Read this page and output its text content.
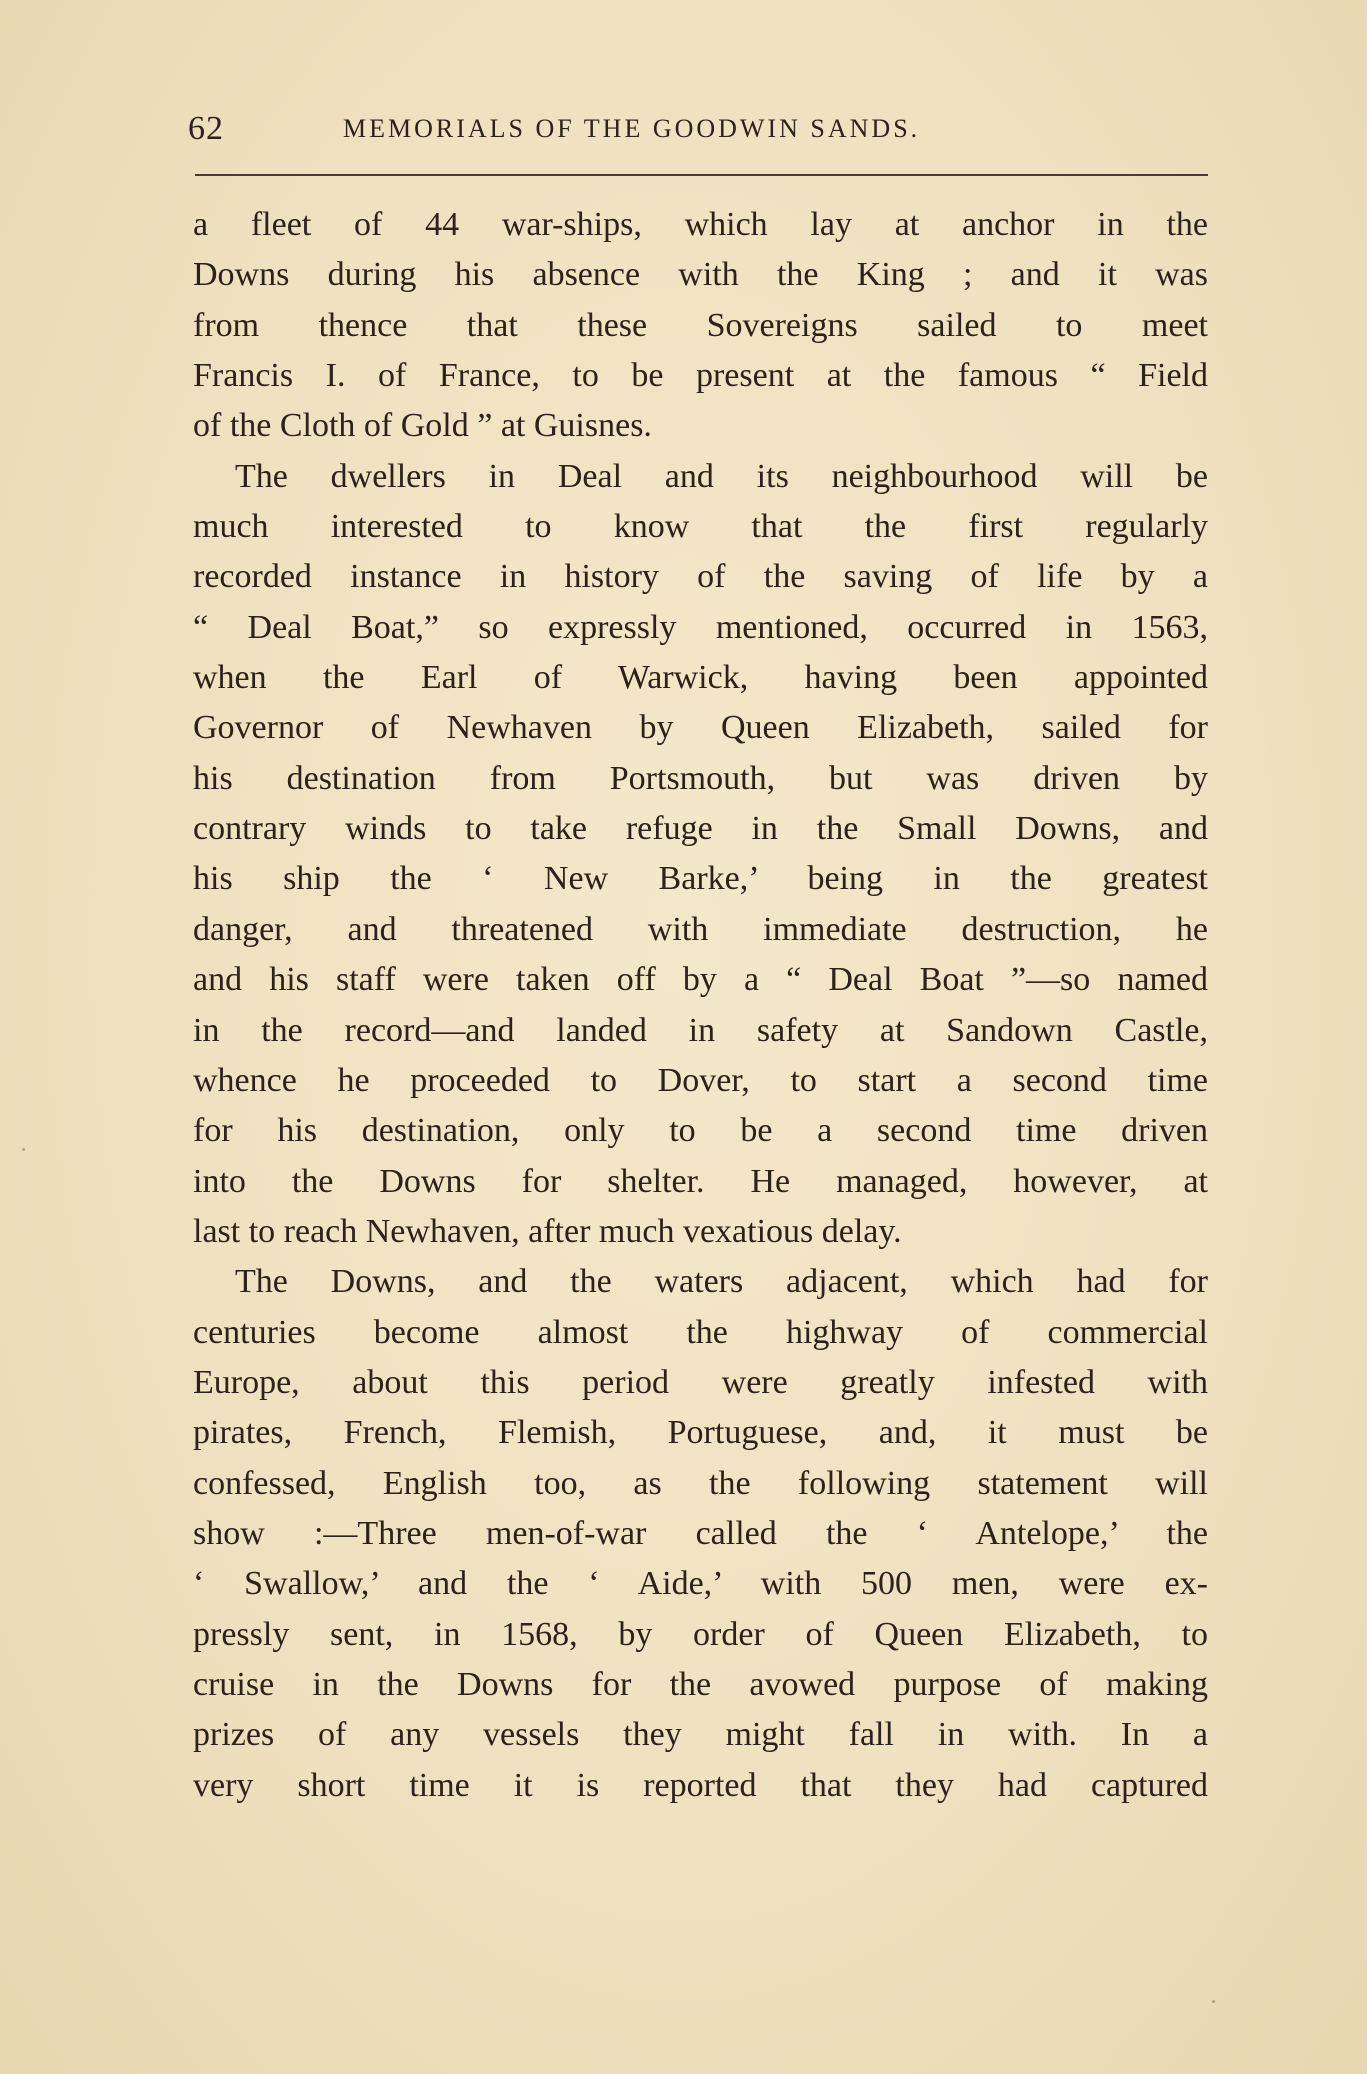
62	MEMORIALS OF THE GOODWIN SANDS.
a fleet of 44 war-ships, which lay at anchor in the
Downs during his absence with the King ; and it was
from thence that these Sovereigns sailed to meet
Francis I. of France, to be present at the famous “ Field
of the Cloth of Gold ” at Guisnes.
The dwellers in Deal and its neighbourhood will be
much interested to know that the first regularly
recorded instance in history of the saving of life by a
“ Deal Boat,” so expressly mentioned, occurred in 1563,
when the Earl of Warwick, having been appointed
Governor of Newhaven by Queen Elizabeth, sailed for
his destination from Portsmouth, but was driven by
contrary winds to take refuge in the Small Downs, and
his ship the ‘ New Barke,’ being in the greatest
danger, and threatened with immediate destruction, he
and his staff were taken off by a “ Deal Boat ”—so named
in the record—and landed in safety at Sandown Castle,
whence he proceeded to Dover, to start a second time
for his destination, only to be a second time driven
into the Downs for shelter. He managed, however, at
last to reach Newhaven, after much vexatious delay.
The Downs, and the waters adjacent, which had for
centuries become almost the highway of commercial
Europe, about this period were greatly infested with
pirates, French, Flemish, Portuguese, and, it must be
confessed, English too, as the following statement will
show :—Three men-of-war called the ‘ Antelope,’ the
‘ Swallow,’ and the ‘ Aide,’ with 500 men, were ex-
pressly sent, in 1568, by order of Queen Elizabeth, to
cruise in the Downs for the avowed purpose of making
prizes of any vessels they might fall in with. In a
very short time it is reported that they had captured
